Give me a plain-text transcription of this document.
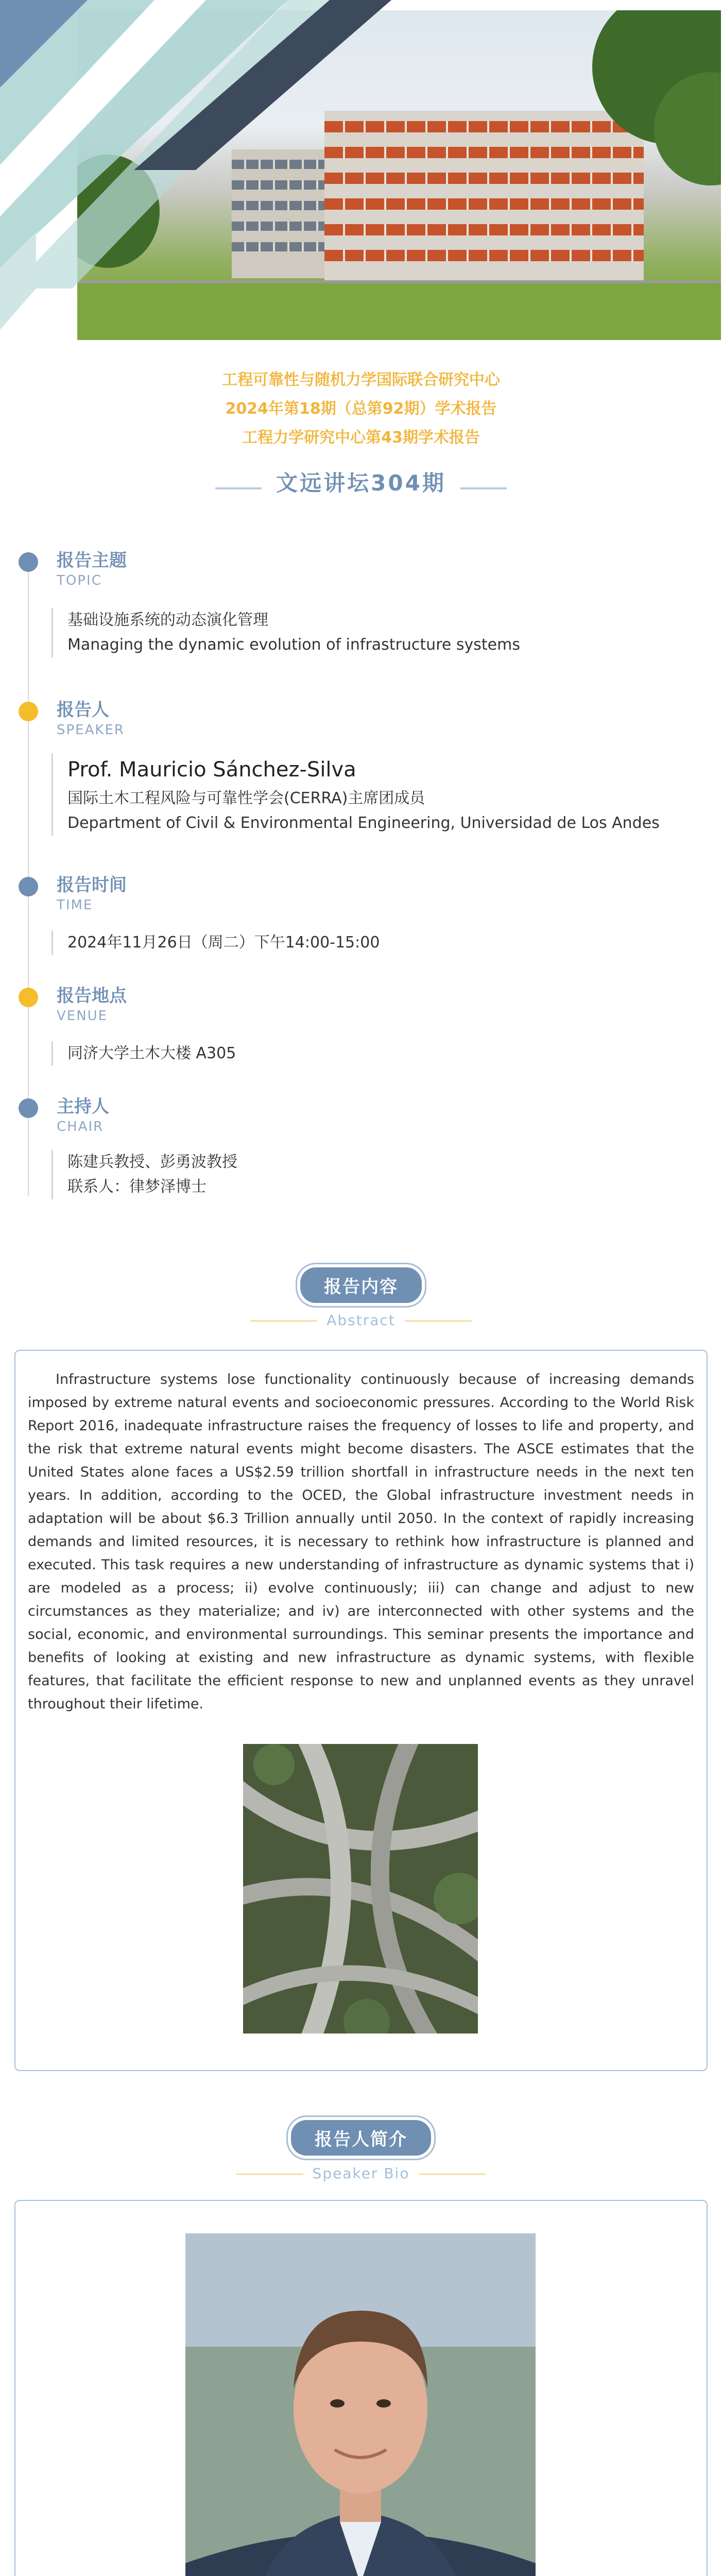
工程可靠性与随机力学国际联合研究中心
2024年第18期（总第92期）学术报告
工程力学研究中心第43期学术报告
文远讲坛304期
报告主题
TOPIC
基础设施系统的动态演化管理
Managing the dynamic evolution of infrastructure systems
报告人
SPEAKER
Prof. Mauricio Sánchez-Silva
国际土木工程风险与可靠性学会(CERRA)主席团成员
Department of Civil & Environmental Engineering, Universidad de Los Andes
报告时间
TIME
2024年11月26日（周二）下午14:00-15:00
报告地点
VENUE
同济大学土木大楼 A305
主持人
CHAIR
陈建兵教授、彭勇波教授
联系人：律梦泽博士
报告内容
Abstract
Infrastructure systems lose functionality continuously because of increasing demands imposed by extreme natural events and socioeconomic pressures. According to the World Risk Report 2016, inadequate infrastructure raises the frequency of losses to life and property, and the risk that extreme natural events might become disasters. The ASCE estimates that the United States alone faces a US$2.59 trillion shortfall in infrastructure needs in the next ten years. In addition, according to the OCED, the Global infrastructure investment needs in adaptation will be about $6.3 Trillion annually until 2050. In the context of rapidly increasing demands and limited resources, it is necessary to rethink how infrastructure is planned and executed. This task requires a new understanding of infrastructure as dynamic systems that i) are modeled as a process; ii) evolve continuously; iii) can change and adjust to new circumstances as they materialize; and iv) are interconnected with other systems and the social, economic, and environmental surroundings. This seminar presents the importance and benefits of looking at existing and new infrastructure as dynamic systems, with flexible features, that facilitate the efficient response to new and unplanned events as they unravel throughout their lifetime.
报告人简介
Speaker Bio
